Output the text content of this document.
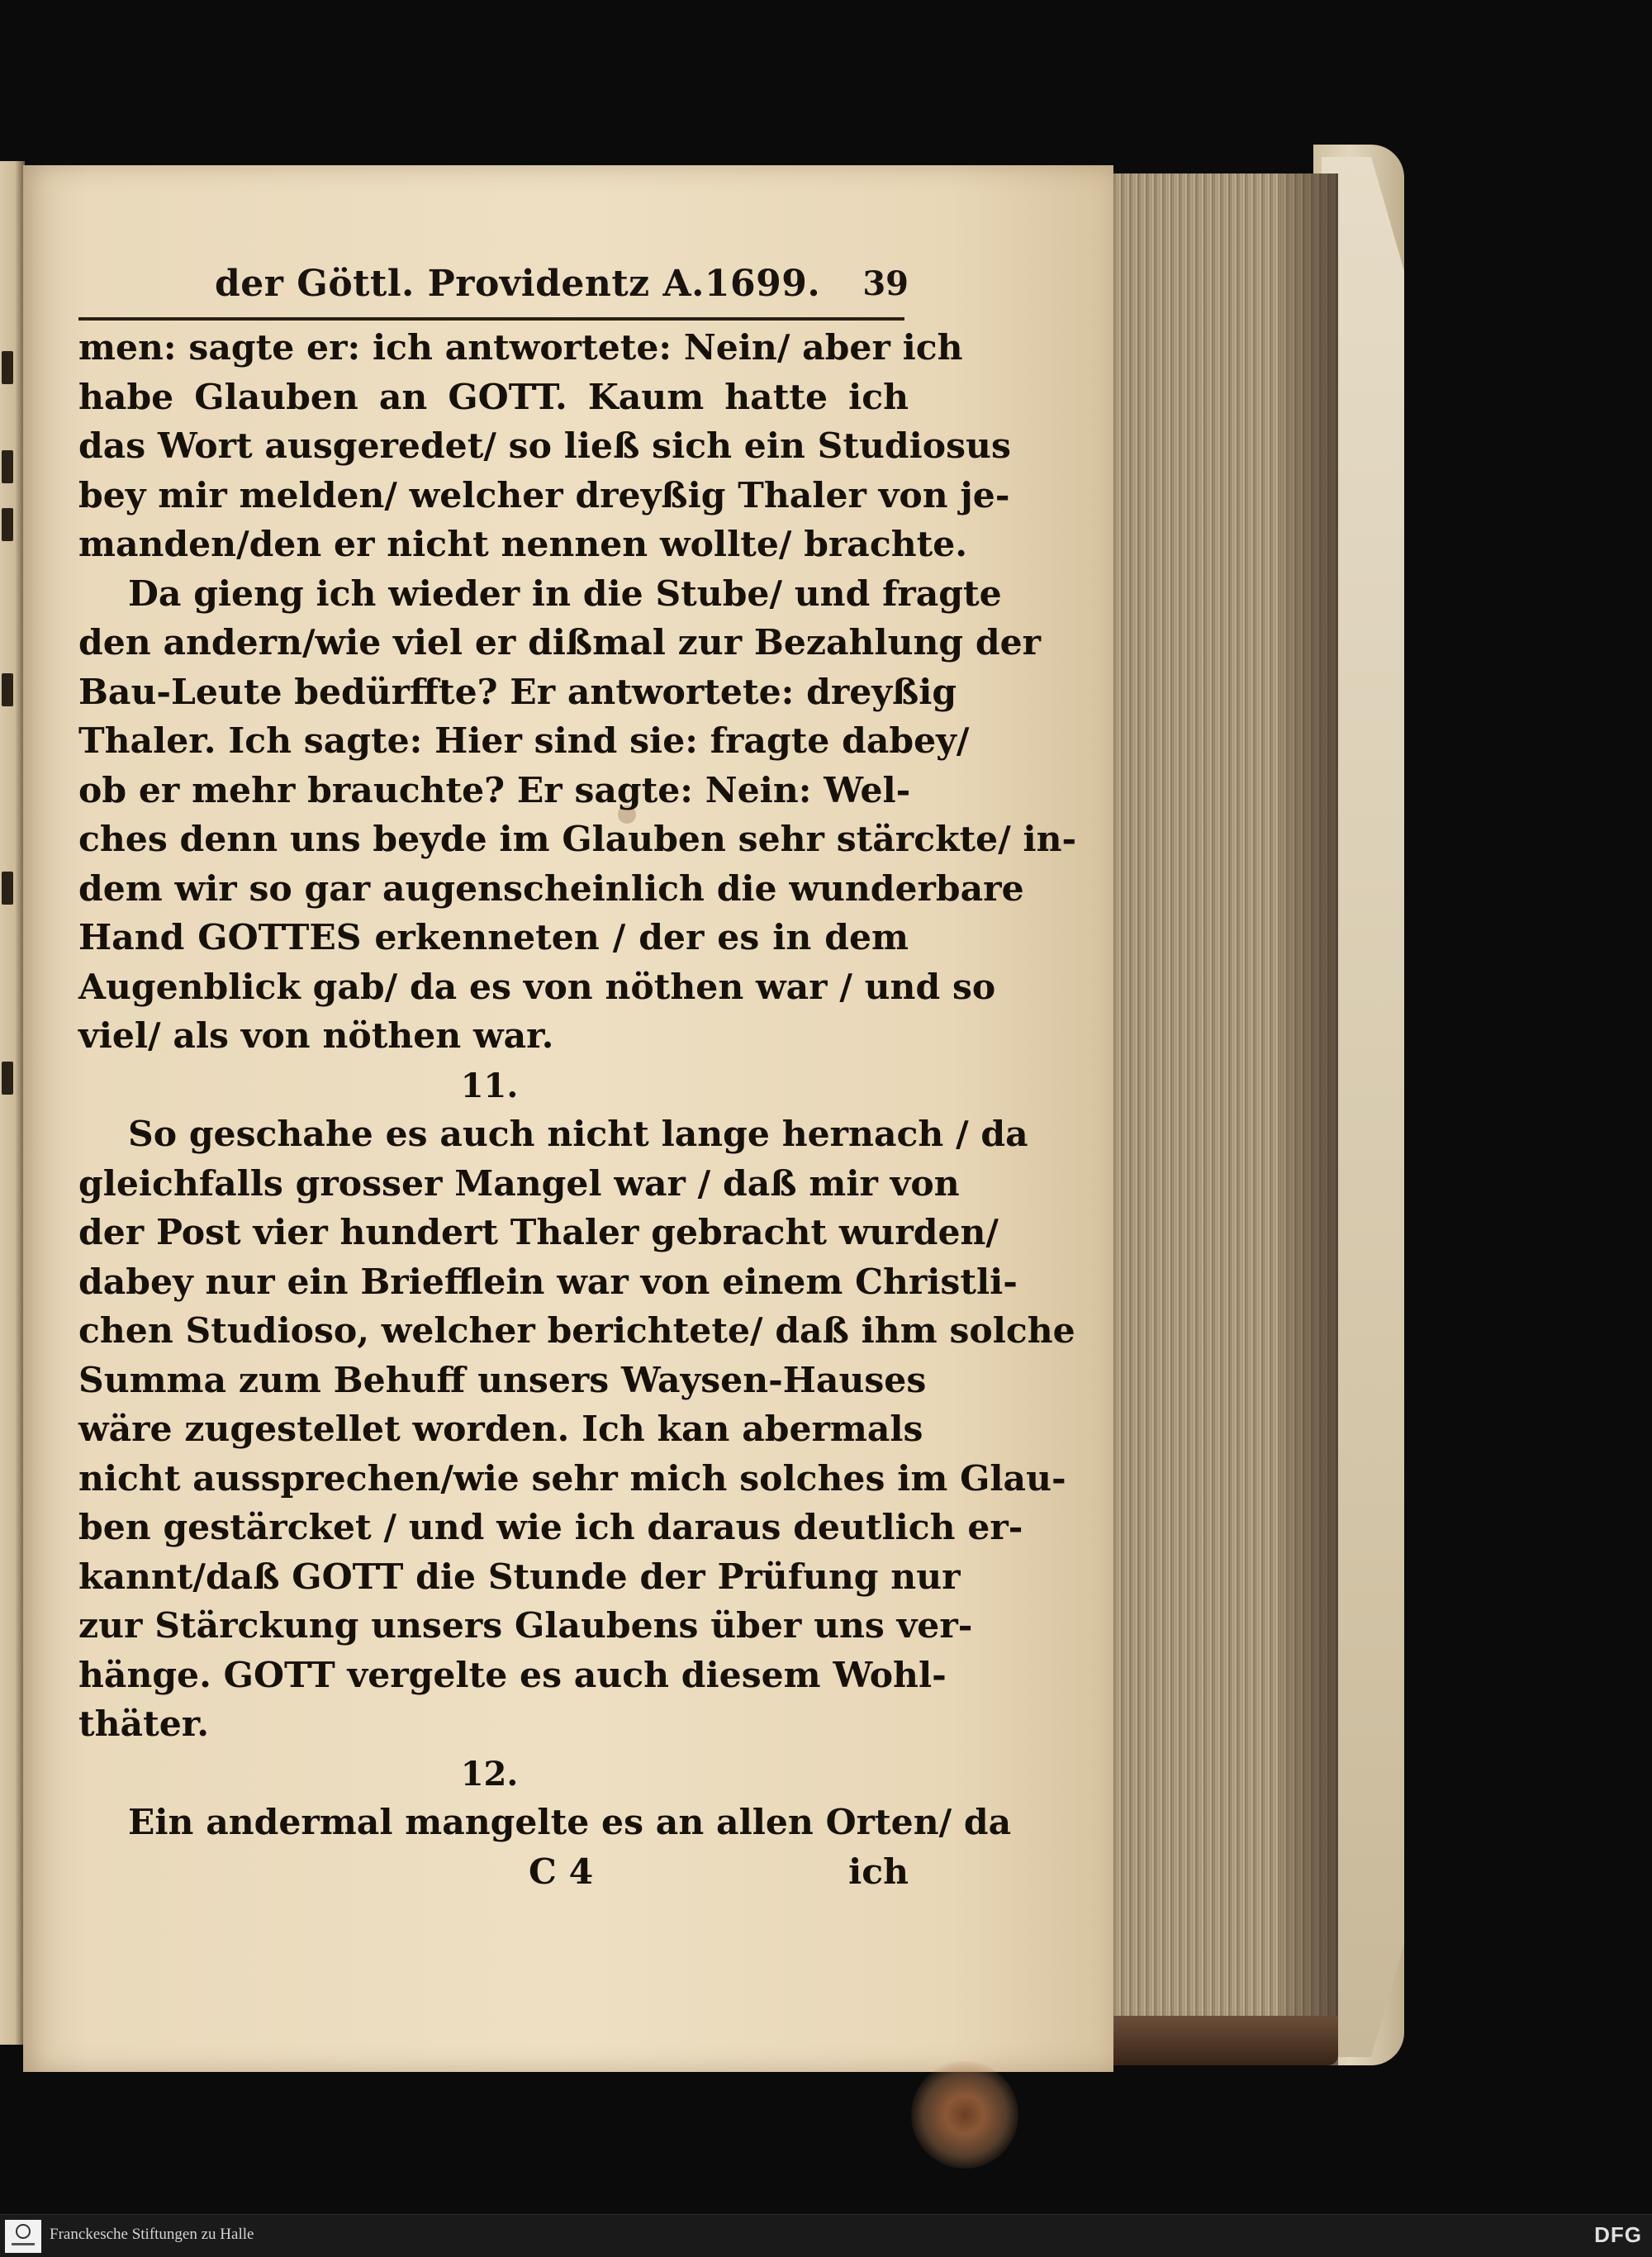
der Göttl. Providentz A.1699. 39
men: sagte er: ich antwortete: Nein/ aber ich
habe Glauben an GOTT. Kaum hatte ich
das Wort ausgeredet/ so ließ sich ein Studiosus
bey mir melden/ welcher dreyßig Thaler von je-
manden/den er nicht nennen wollte/ brachte.
Da gieng ich wieder in die Stube/ und fragte
den andern/wie viel er dißmal zur Bezahlung der
Bau-Leute bedürffte? Er antwortete: dreyßig
Thaler. Ich sagte: Hier sind sie: fragte dabey/
ob er mehr brauchte? Er sagte: Nein: Wel-
ches denn uns beyde im Glauben sehr stärckte/ in-
dem wir so gar augenscheinlich die wunderbare
Hand GOTTES erkenneten / der es in dem
Augenblick gab/ da es von nöthen war / und so
viel/ als von nöthen war.
11.
So geschahe es auch nicht lange hernach / da
gleichfalls grosser Mangel war / daß mir von
der Post vier hundert Thaler gebracht wurden/
dabey nur ein Briefflein war von einem Christli-
chen Studioso, welcher berichtete/ daß ihm solche
Summa zum Behuff unsers Waysen-Hauses
wäre zugestellet worden. Ich kan abermals
nicht aussprechen/wie sehr mich solches im Glau-
ben gestärcket / und wie ich daraus deutlich er-
kannt/daß GOTT die Stunde der Prüfung nur
zur Stärckung unsers Glaubens über uns ver-
hänge. GOTT vergelte es auch diesem Wohl-
thäter.
12.
Ein andermal mangelte es an allen Orten/ da
C 4	ich
Franckesche Stiftungen zu Halle	DFG
